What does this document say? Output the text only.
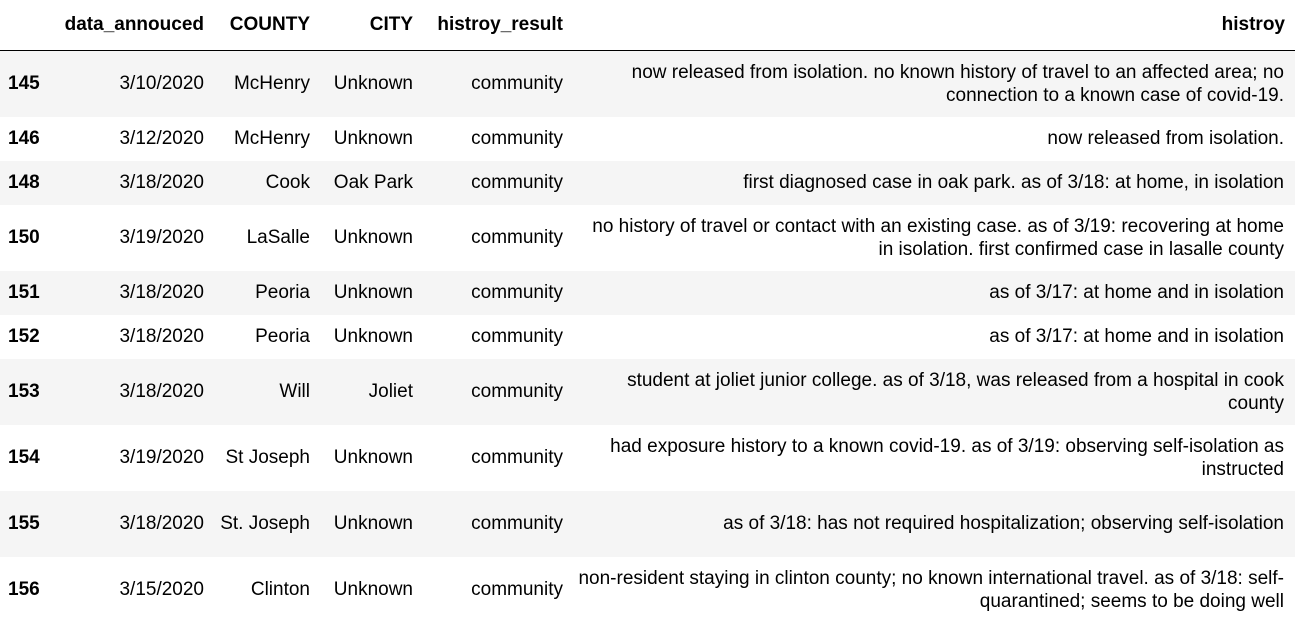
	data_annouced	COUNTY	CITY	histroy_result	histroy
145	3/10/2020	McHenry	Unknown	community	now released from isolation. no known history of travel to an affected area; no connection to a known case of covid-19.
146	3/12/2020	McHenry	Unknown	community	now released from isolation.
148	3/18/2020	Cook	Oak Park	community	first diagnosed case in oak park. as of 3/18: at home, in isolation
150	3/19/2020	LaSalle	Unknown	community	no history of travel or contact with an existing case. as of 3/19: recovering at home in isolation. first confirmed case in lasalle county
151	3/18/2020	Peoria	Unknown	community	as of 3/17: at home and in isolation
152	3/18/2020	Peoria	Unknown	community	as of 3/17: at home and in isolation
153	3/18/2020	Will	Joliet	community	student at joliet junior college. as of 3/18, was released from a hospital in cook county
154	3/19/2020	St Joseph	Unknown	community	had exposure history to a known covid-19. as of 3/19: observing self-isolation as instructed
155	3/18/2020	St. Joseph	Unknown	community	as of 3/18: has not required hospitalization; observing self-isolation
156	3/15/2020	Clinton	Unknown	community	non-resident staying in clinton county; no known international travel. as of 3/18: self-quarantined; seems to be doing well
